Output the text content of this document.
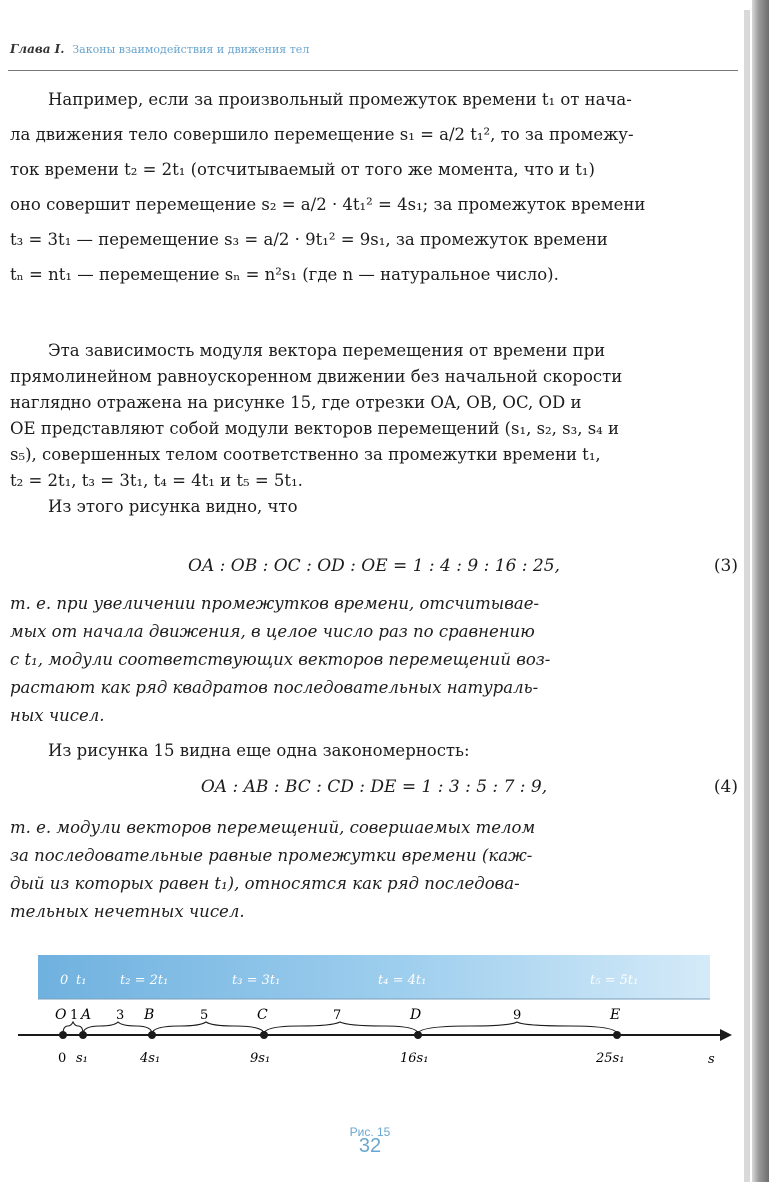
Глава I. Законы взаимодействия и движения тел
Например, если за произвольный промежуток времени t₁ от нача-
ла движения тело совершило перемещение s₁ = a/2 t₁², то за промежу-
ток времени t₂ = 2t₁ (отсчитываемый от того же момента, что и t₁)
оно совершит перемещение s₂ = a/2 · 4t₁² = 4s₁; за промежуток времени
t₃ = 3t₁ — перемещение s₃ = a/2 · 9t₁² = 9s₁, за промежуток времени
tₙ = nt₁ — перемещение sₙ = n²s₁ (где n — натуральное число).
Эта зависимость модуля вектора перемещения от времени при
прямолинейном равноускоренном движении без начальной скорости
наглядно отражена на рисунке 15, где отрезки OA, OB, OC, OD и
OE представляют собой модули векторов перемещений (s₁, s₂, s₃, s₄ и
s₅), совершенных телом соответственно за промежутки времени t₁,
t₂ = 2t₁, t₃ = 3t₁, t₄ = 4t₁ и t₅ = 5t₁.
Из этого рисунка видно, что
OA : OB : OC : OD : OE = 1 : 4 : 9 : 16 : 25,	(3)
т. е. при увеличении промежутков времени, отсчитывае-
мых от начала движения, в целое число раз по сравнению
с t₁, модули соответствующих векторов перемещений воз-
растают как ряд квадратов последовательных натураль-
ных чисел.
Из рисунка 15 видна еще одна закономерность:
OA : AB : BC : CD : DE = 1 : 3 : 5 : 7 : 9,	(4)
т. е. модули векторов перемещений, совершаемых телом
за последовательные равные промежутки времени (каж-
дый из которых равен t₁), относятся как ряд последова-
тельных нечетных чисел.
0 t₁	t₂ = 2t₁	t₃ = 3t₁	t₄ = 4t₁	t₅ = 5t₁
O A	B	C	D	E
1	3	5	7	9
0 s₁	4s₁	9s₁	16s₁	25s₁	s
Рис. 15
32
